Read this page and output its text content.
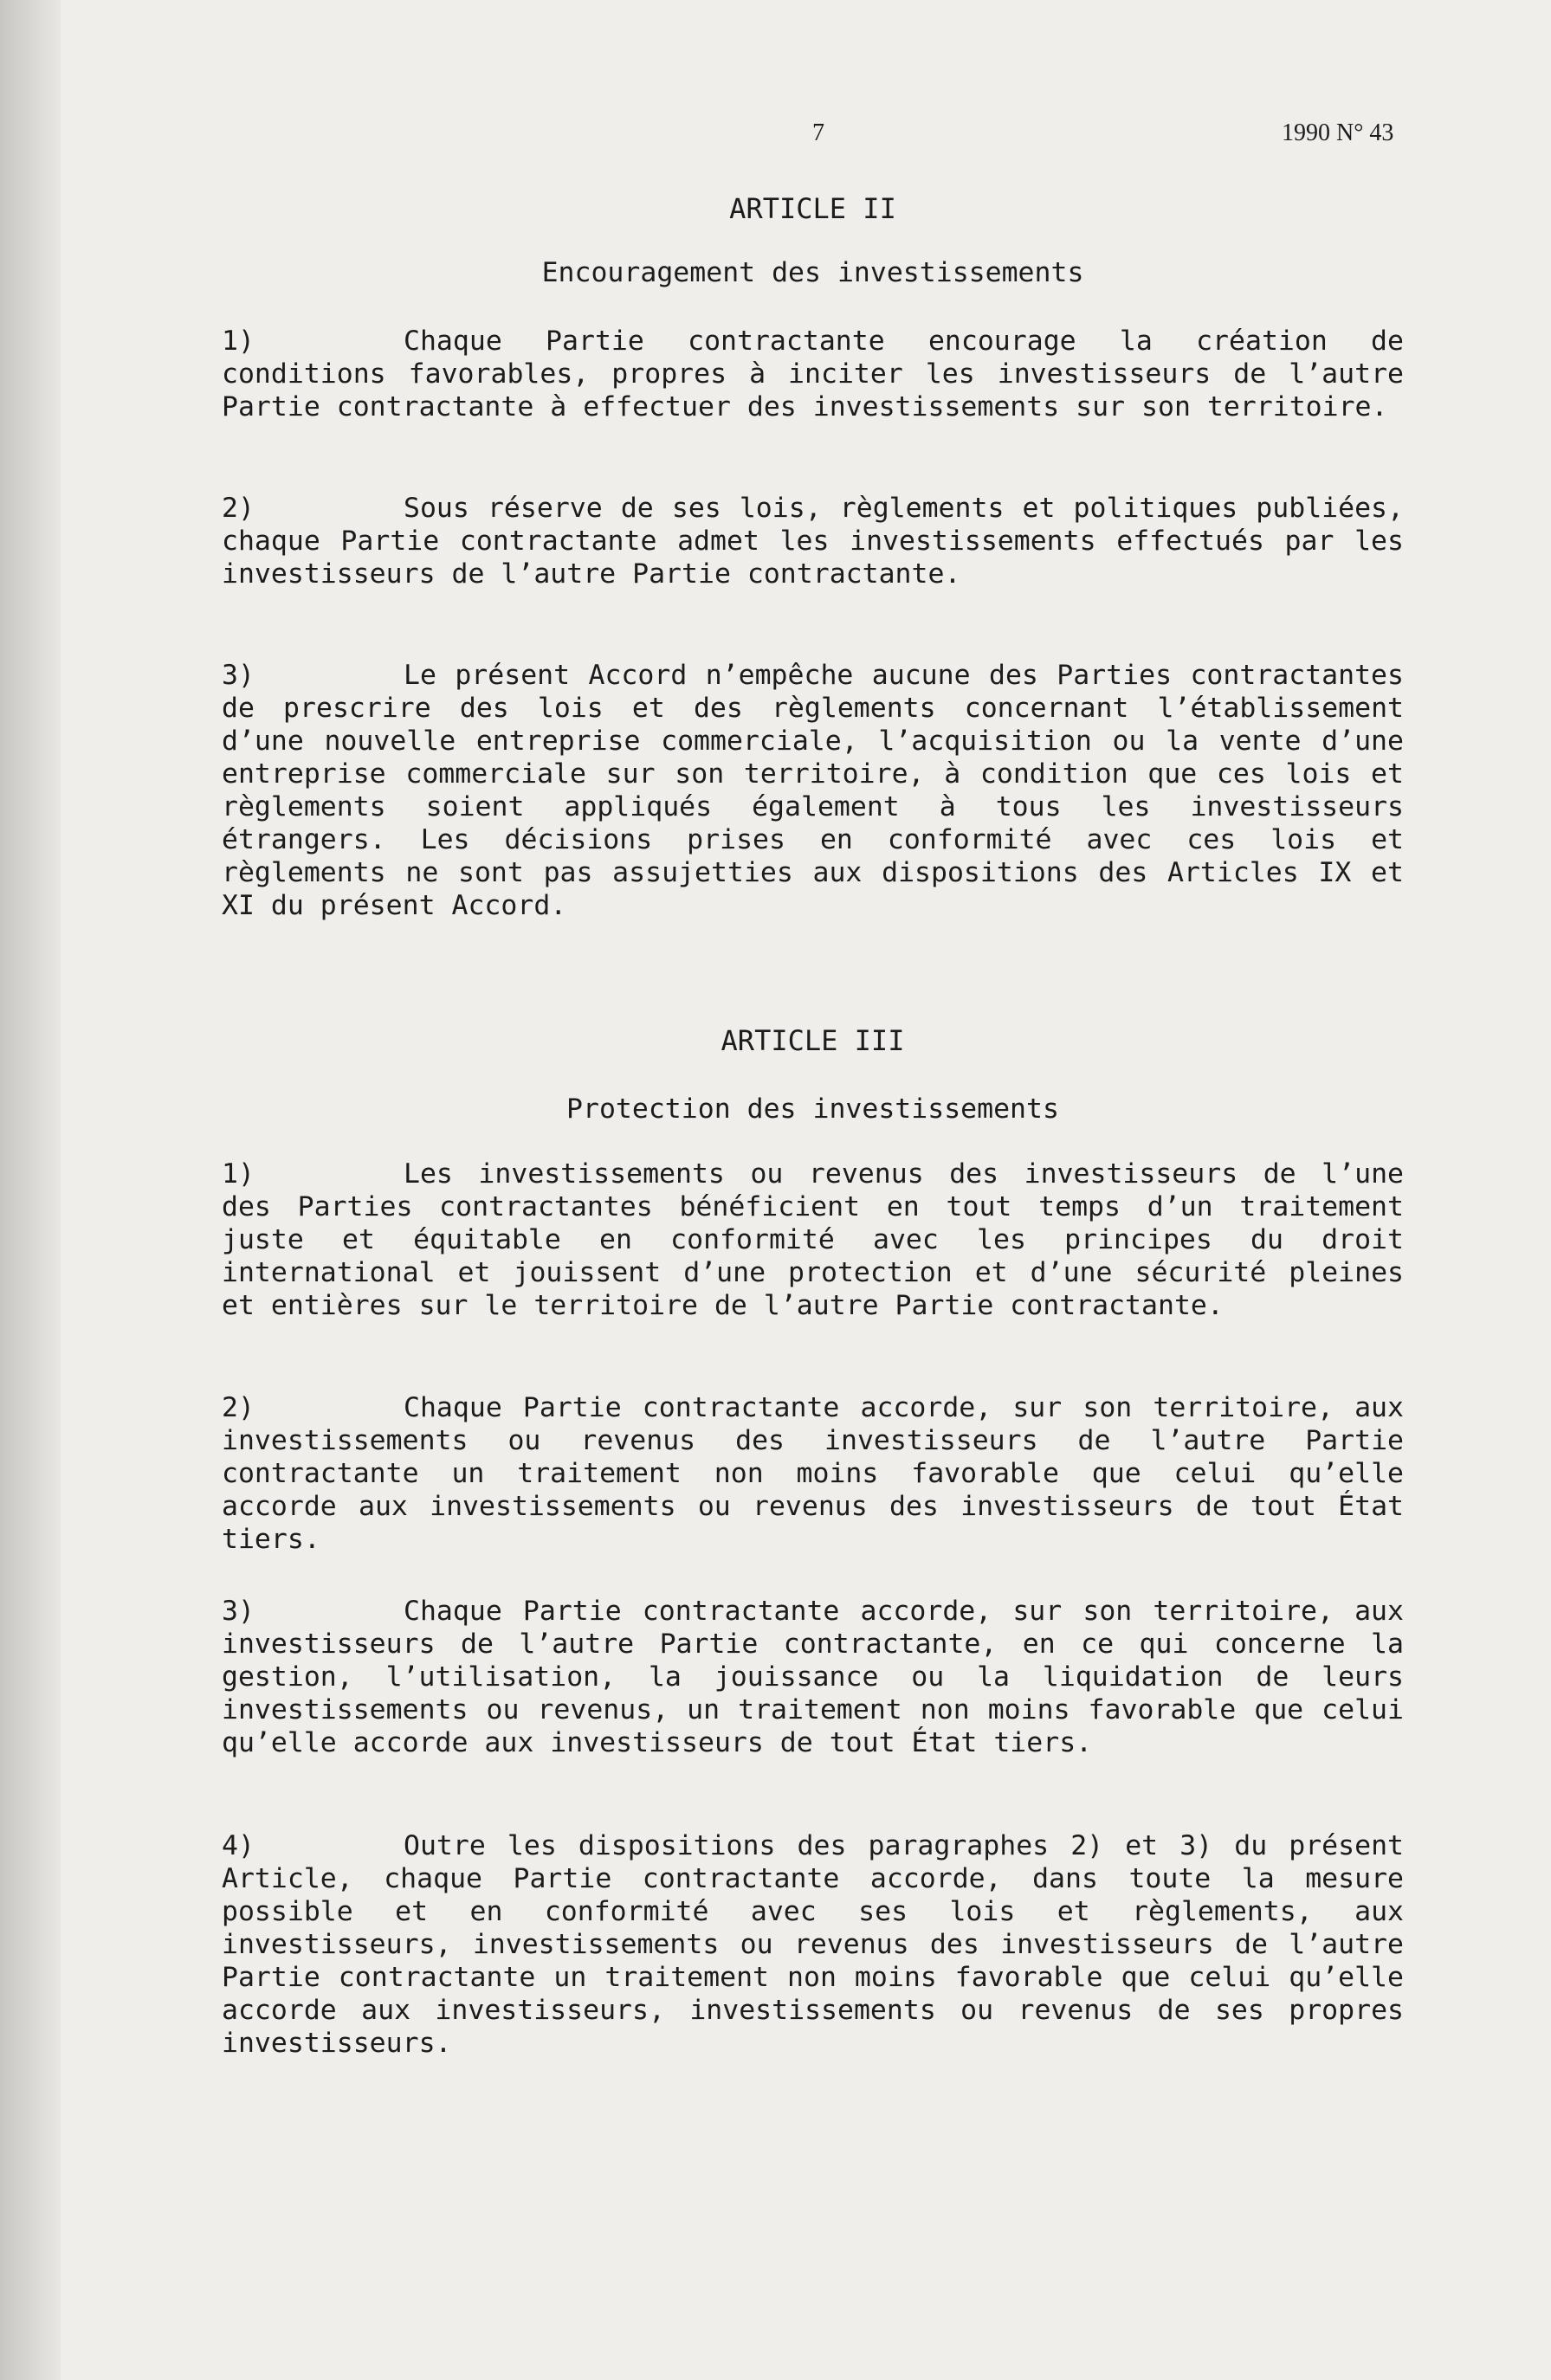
7	1990 N° 43
ARTICLE II
Encouragement des investissements
1)	Chaque Partie contractante encourage la création de conditions favorables, propres à inciter les investisseurs de l’autre Partie contractante à effectuer des investissements sur son territoire.
2)	Sous réserve de ses lois, règlements et politiques publiées, chaque Partie contractante admet les investissements effectués par les investisseurs de l’autre Partie contractante.
3)	Le présent Accord n’empêche aucune des Parties contractantes de prescrire des lois et des règlements concernant l’établissement d’une nouvelle entreprise commerciale, l’acquisition ou la vente d’une entreprise commerciale sur son territoire, à condition que ces lois et règlements soient appliqués également à tous les investisseurs étrangers. Les décisions prises en conformité avec ces lois et règlements ne sont pas assujetties aux dispositions des Articles IX et XI du présent Accord.
ARTICLE III
Protection des investissements
1)	Les investissements ou revenus des investisseurs de l’une des Parties contractantes bénéficient en tout temps d’un traitement juste et équitable en conformité avec les principes du droit international et jouissent d’une protection et d’une sécurité pleines et entières sur le territoire de l’autre Partie contractante.
2)	Chaque Partie contractante accorde, sur son territoire, aux investissements ou revenus des investisseurs de l’autre Partie contractante un traitement non moins favorable que celui qu’elle accorde aux investissements ou revenus des investisseurs de tout État tiers.
3)	Chaque Partie contractante accorde, sur son territoire, aux investisseurs de l’autre Partie contractante, en ce qui concerne la gestion, l’utilisation, la jouissance ou la liquidation de leurs investissements ou revenus, un traitement non moins favorable que celui qu’elle accorde aux investisseurs de tout État tiers.
4)	Outre les dispositions des paragraphes 2) et 3) du présent Article, chaque Partie contractante accorde, dans toute la mesure possible et en conformité avec ses lois et règlements, aux investisseurs, investissements ou revenus des investisseurs de l’autre Partie contractante un traitement non moins favorable que celui qu’elle accorde aux investisseurs, investissements ou revenus de ses propres investisseurs.
